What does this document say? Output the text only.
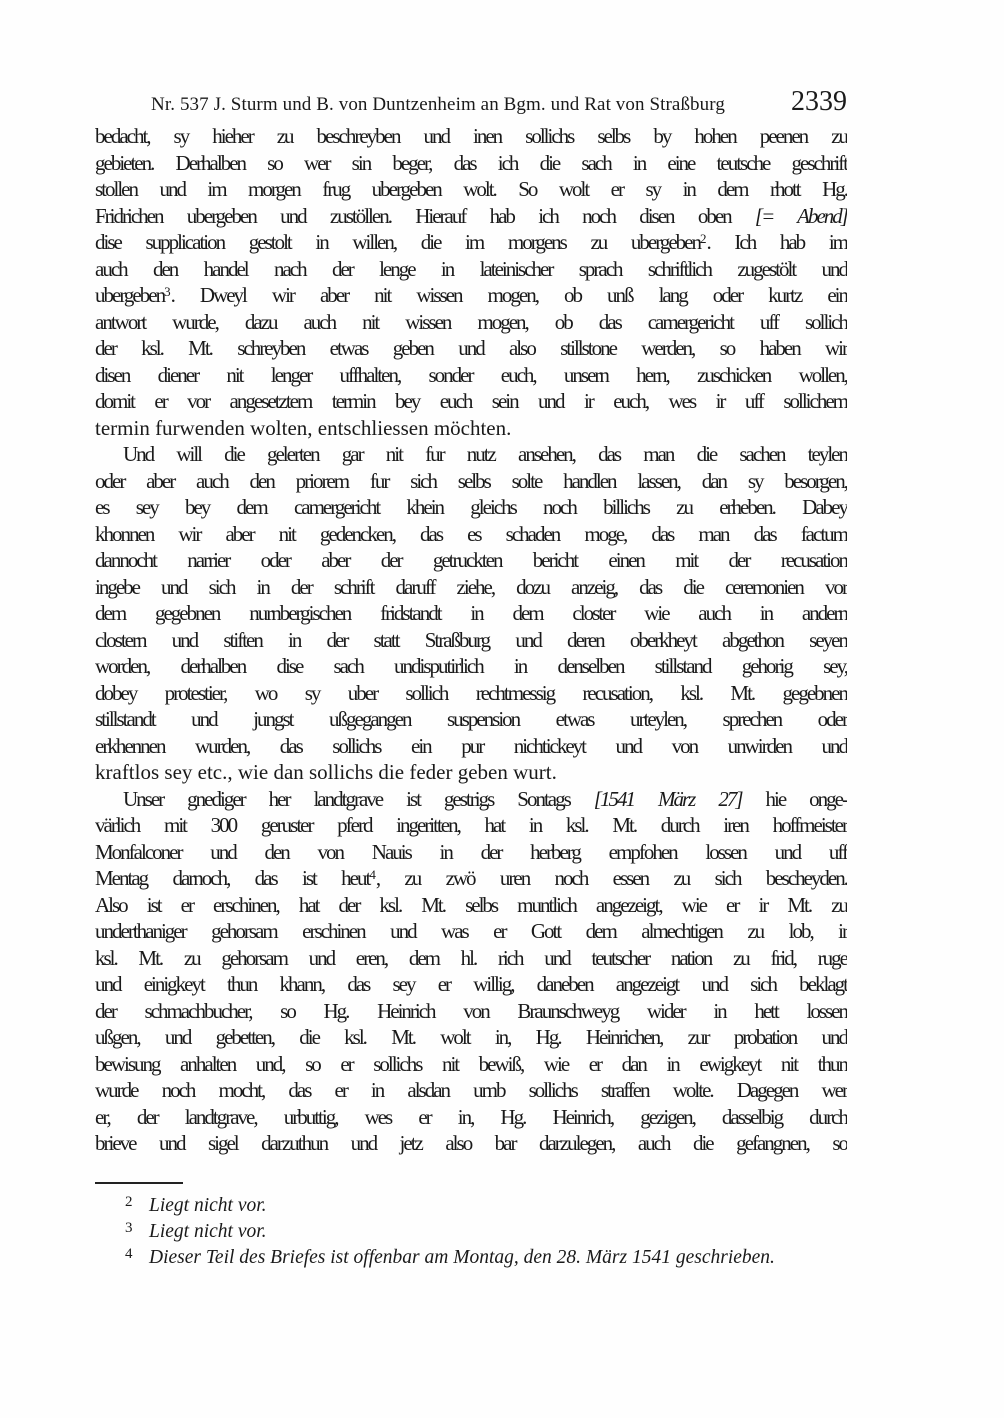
Nr. 537 J. Sturm und B. von Duntzenheim an Bgm. und Rat von Straßburg	2339
bedacht, sy hieher zu beschreyben und inen sollichs selbs by hohen peenen zu
gebieten. Derhalben so wer sin beger, das ich die sach in eine teutsche geschrift
stollen und im morgen frug ubergeben wolt. So wolt er sy in dem rhott Hg.
Fridrichen ubergeben und zustöllen. Hierauf hab ich noch disen oben [= Abend]
dise supplication gestolt in willen, die im morgens zu ubergeben$^2$. Ich hab im
auch den handel nach der lenge in lateinischer sprach schriftlich zugestölt und
ubergeben$^3$. Dweyl wir aber nit wissen mogen, ob unß lang oder kurtz ein
antwort wurde, dazu auch nit wissen mogen, ob das camergericht uff sollich
der ksl. Mt. schreyben etwas geben und also stillstone werden, so haben wir
disen diener nit lenger uffhalten, sonder euch, unsern hern, zuschicken wollen,
domit er vor angesetztem termin bey euch sein und ir euch, wes ir uff sollichem
termin furwenden wolten, entschliessen möchten.
Und will die gelerten gar nit fur nutz ansehen, das man die sachen teylen
oder aber auch den priorem fur sich selbs solte handlen lassen, dan sy besorgen,
es sey bey dem camergericht khein gleichs noch billichs zu erheben. Dabey
khonnen wir aber nit gedencken, das es schaden moge, das man das factum
dannocht narrier oder aber der getruckten bericht einen mit der recusation
ingebe und sich in der schrift daruff ziehe, dozu anzeig, das die ceremonien vor
dem gegebnen nurnbergischen fridstandt in dem closter wie auch in andern
clostern und stiften in der statt Straßburg und deren oberkheyt abgethon seyen
worden, derhalben dise sach undisputirlich in denselben stillstand gehorig sey,
dobey protestier, wo sy uber sollich rechtmessig recusation, ksl. Mt. gegebnen
stillstandt und jungst ußgegangen suspension etwas urteylen, sprechen oder
erkhennen wurden, das sollichs ein pur nichtickeyt und von unwirden und
kraftlos sey etc., wie dan sollichs die feder geben wurt.
Unser gnediger her landtgrave ist gestrigs Sontags [1541 März 27] hie onge-
värlich mit 300 geruster pferd ingeritten, hat in ksl. Mt. durch iren hoffmeister
Monfalconer und den von Nauis in der herberg empfohen lossen und uff
Mentag darnoch, das ist heut$^4$, zu zwö uren noch essen zu sich bescheyden.
Also ist er erschinen, hat der ksl. Mt. selbs muntlich angezeigt, wie er ir Mt. zu
underthaniger gehorsam erschinen und was er Gott dem almechtigen zu lob, ir
ksl. Mt. zu gehorsam und eren, dem hl. rich und teutscher nation zu frid, ruge
und einigkeyt thun khann, das sey er willig, daneben angezeigt und sich beklagt
der schmachbucher, so Hg. Heinrich von Braunschweyg wider in hett lossen
ußgen, und gebetten, die ksl. Mt. wolt in, Hg. Heinrichen, zur probation und
bewisung anhalten und, so er sollichs nit bewiß, wie er dan in ewigkeyt nit thun
wurde noch mocht, das er in alsdan umb sollichs straffen wolte. Dagegen wer
er, der landtgrave, urbuttig, wes er in, Hg. Heinrich, gezigen, dasselbig durch
brieve und sigel darzuthun und jetz also bar darzulegen, auch die gefangnen, so
2 Liegt nicht vor.
3 Liegt nicht vor.
4 Dieser Teil des Briefes ist offenbar am Montag, den 28. März 1541 geschrieben.
